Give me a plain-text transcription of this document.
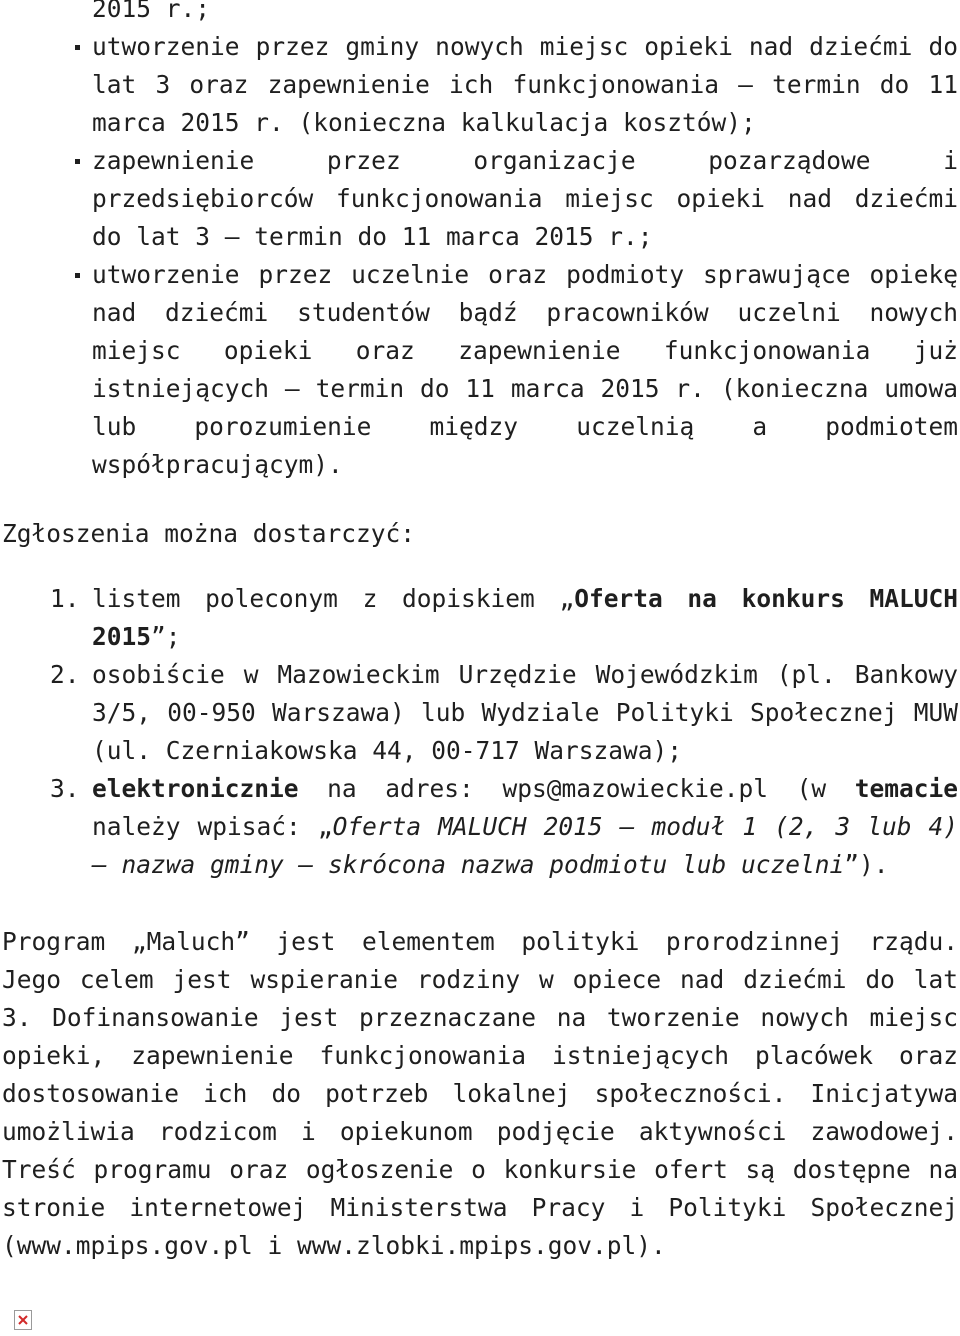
2015 r.;

utworzenie przez gminy nowych miejsc opieki nad dziećmi do lat 3 oraz zapewnienie ich funkcjonowania – termin do 11 marca 2015 r. (konieczna kalkulacja kosztów);
zapewnienie przez organizacje pozarządowe i przedsiębiorców funkcjonowania miejsc opieki nad dziećmi do lat 3 – termin do 11 marca 2015 r.;
utworzenie przez uczelnie oraz podmioty sprawujące opiekę nad dziećmi studentów bądź pracowników uczelni nowych miejsc opieki oraz zapewnienie funkcjonowania już istniejących – termin do 11 marca 2015 r. (konieczna umowa lub porozumienie między uczelnią a podmiotem współpracującym).

Zgłoszenia można dostarczyć:

1. listem poleconym z dopiskiem „Oferta na konkurs MALUCH 2015”;
2. osobiście w Mazowieckim Urzędzie Wojewódzkim (pl. Bankowy 3/5, 00-950 Warszawa) lub Wydziale Polityki Społecznej MUW (ul. Czerniakowska 44, 00-717 Warszawa);
3. elektronicznie na adres: wps@mazowieckie.pl (w temacie należy wpisać: „Oferta MALUCH 2015 – moduł 1 (2, 3 lub 4) – nazwa gminy – skrócona nazwa podmiotu lub uczelni”).

Program „Maluch” jest elementem polityki prorodzinnej rządu. Jego celem jest wspieranie rodziny w opiece nad dziećmi do lat 3. Dofinansowanie jest przeznaczane na tworzenie nowych miejsc opieki, zapewnienie funkcjonowania istniejących placówek oraz dostosowanie ich do potrzeb lokalnej społeczności. Inicjatywa umożliwia rodzicom i opiekunom podjęcie aktywności zawodowej. Treść programu oraz ogłoszenie o konkursie ofert są dostępne na stronie internetowej Ministerstwa Pracy i Polityki Społecznej (www.mpips.gov.pl i www.zlobki.mpips.gov.pl).
